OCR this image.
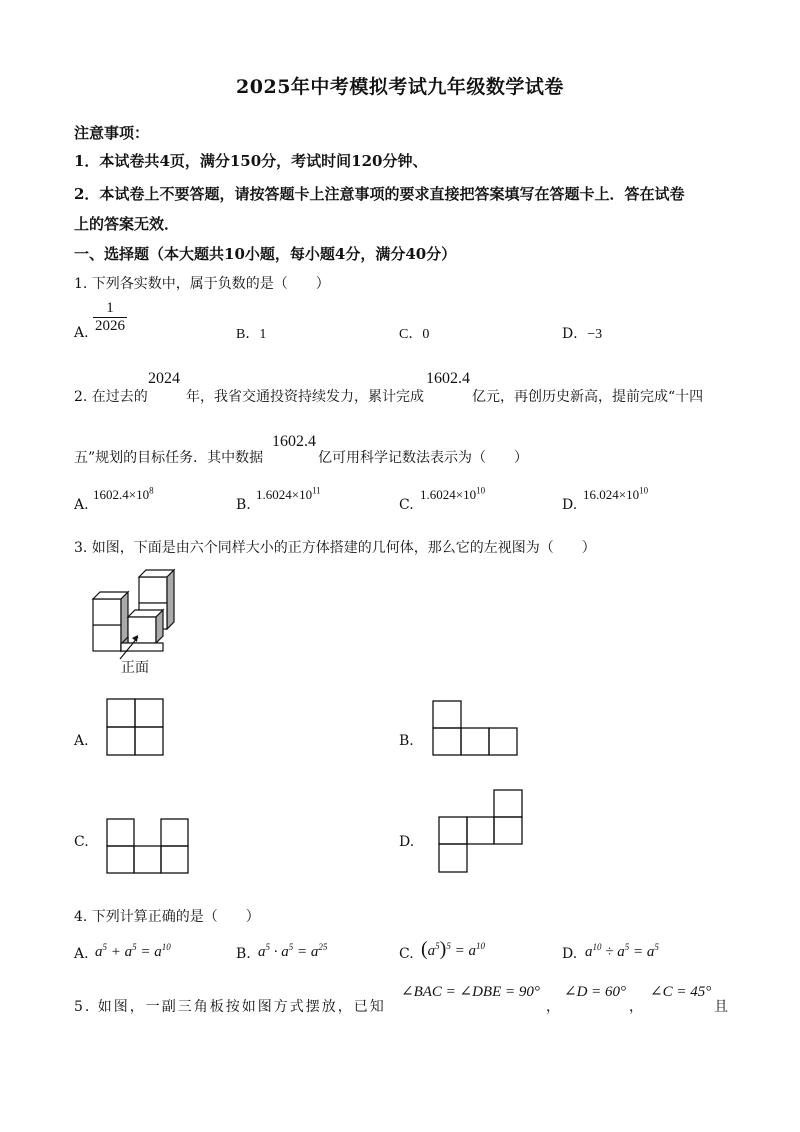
2025年中考模拟考试九年级数学试卷
注意事项：
1．本试卷共4页，满分150分，考试时间120分钟、
2．本试卷上不要答题，请按答题卡上注意事项的要求直接把答案填写在答题卡上．答在试卷
上的答案无效．
一、选择题（本大题共10小题，每小题4分，满分40分）
1. 下列各实数中，属于负数的是（　　）
A. $\frac{1}{2026}$	B．1	C．0	D．−3
2. 在过去的
2024
年，我省交通投资持续发力，累计完成
1602.4
亿元，再创历史新高，提前完成“十四
五”规划的目标任务．其中数据
1602.4
亿可用科学记数法表示为（　　）
A.
$1602.4\times 10^8$
B.
$1.6024\times 10^{11}$
C.
$1.6024\times 10^{10}$
D.
$16.024\times 10^{10}$
3. 如图，下面是由六个同样大小的正方体搭建的几何体，那么它的左视图为（　　）
正面
A.	B.
C.	D.
4. 下列计算正确的是（　　）
A. $a^5 + a^5 = a^{10}$	B. $a^5 \cdot a^5 = a^{25}$	C. $(a^5)^5 = a^{10}$	D. $a^{10} \div a^5 = a^5$
5. 如图，一副三角板按如图方式摆放，已知
∠BAC = ∠DBE = 90°
，
∠D = 60°
，
∠C = 45°
且
